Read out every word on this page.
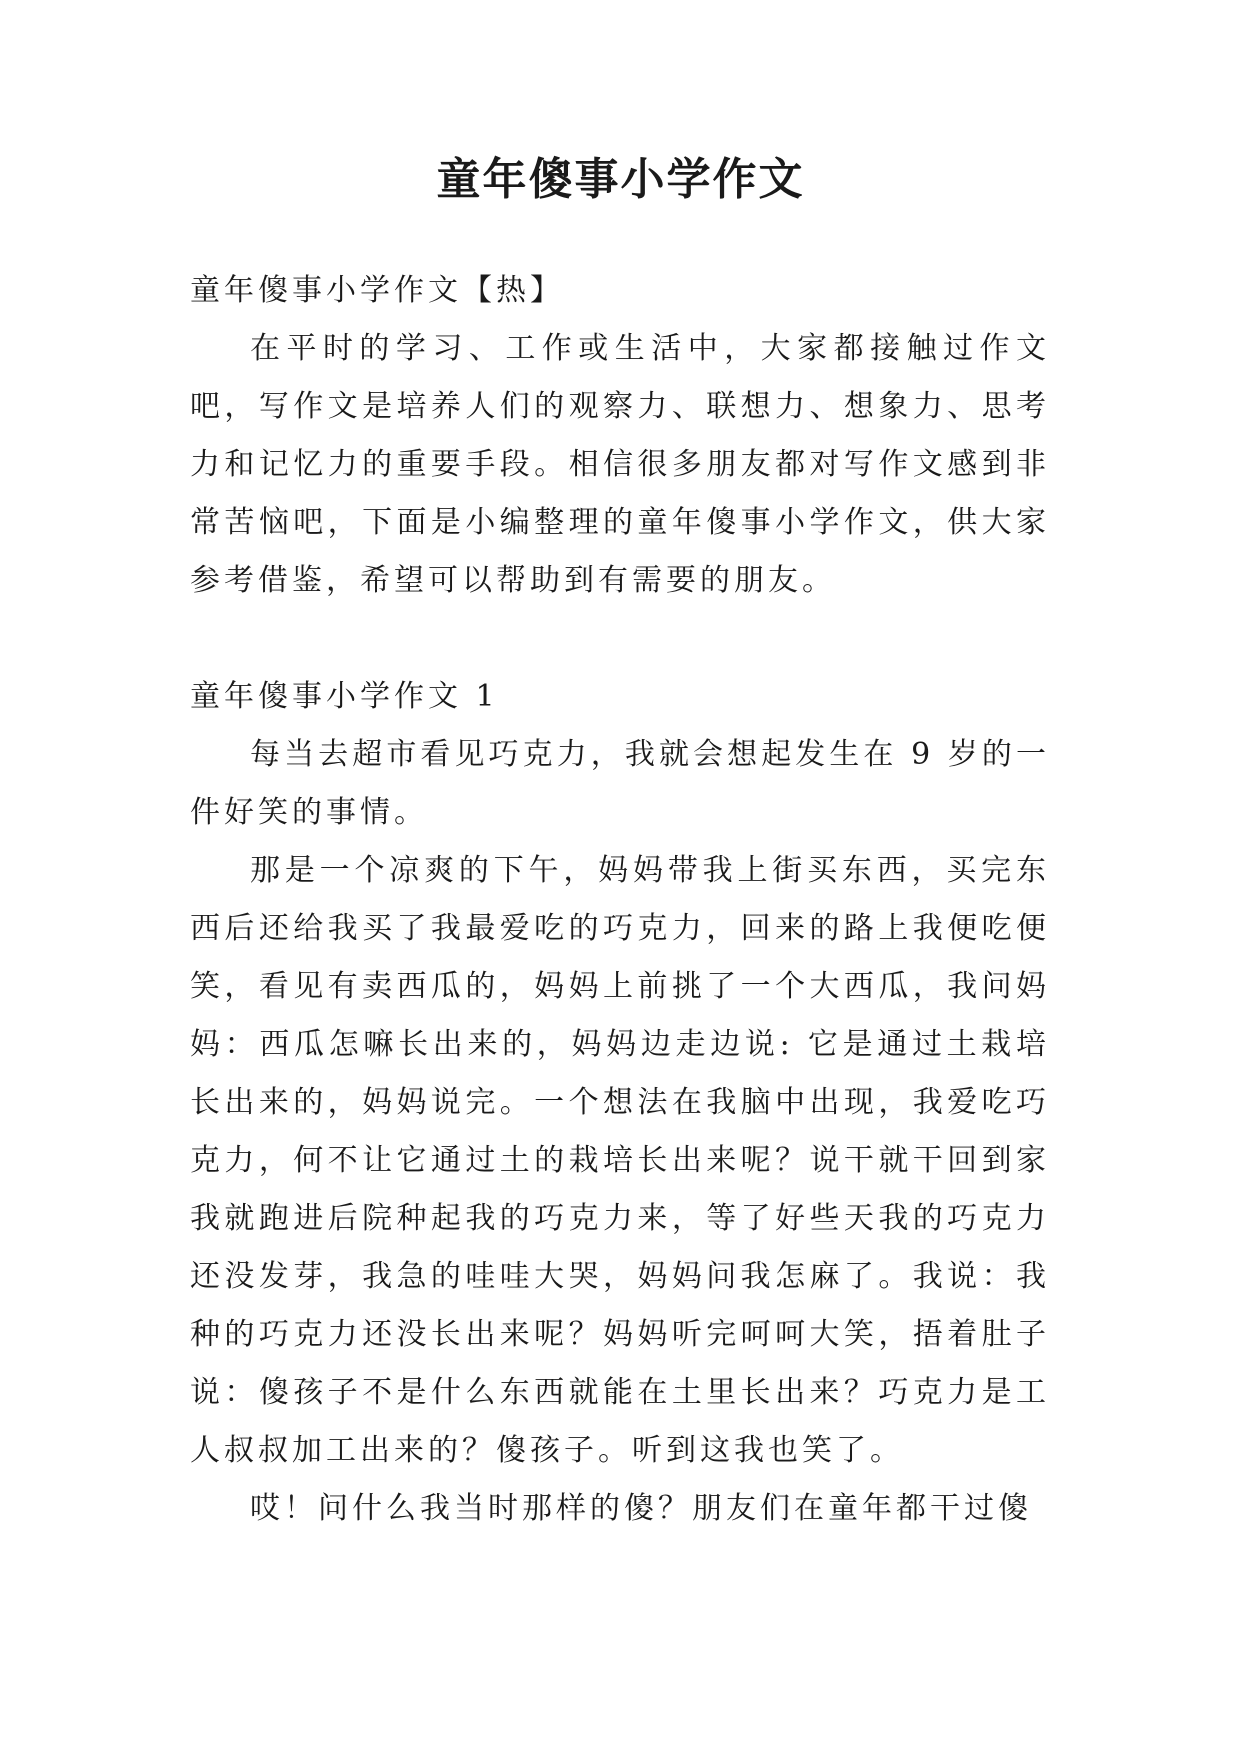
童年傻事小学作文

童年傻事小学作文【热】

在平时的学习、工作或生活中，大家都接触过作文吧，写作文是培养人们的观察力、联想力、想象力、思考力和记忆力的重要手段。相信很多朋友都对写作文感到非常苦恼吧，下面是小编整理的童年傻事小学作文，供大家参考借鉴，希望可以帮助到有需要的朋友。

童年傻事小学作文 1

每当去超市看见巧克力，我就会想起发生在 9 岁的一件好笑的事情。

那是一个凉爽的下午，妈妈带我上街买东西，买完东西后还给我买了我最爱吃的巧克力，回来的路上我便吃便笑，看见有卖西瓜的，妈妈上前挑了一个大西瓜，我问妈妈：西瓜怎嘛长出来的，妈妈边走边说: 它是通过土栽培长出来的，妈妈说完。一个想法在我脑中出现，我爱吃巧克力，何不让它通过土的栽培长出来呢？说干就干回到家我就跑进后院种起我的巧克力来，等了好些天我的巧克力还没发芽，我急的哇哇大哭，妈妈问我怎麻了。我说：我种的巧克力还没长出来呢？妈妈听完呵呵大笑，捂着肚子说：傻孩子不是什么东西就能在土里长出来？巧克力是工人叔叔加工出来的？傻孩子。听到这我也笑了。

哎！问什么我当时那样的傻？朋友们在童年都干过傻
